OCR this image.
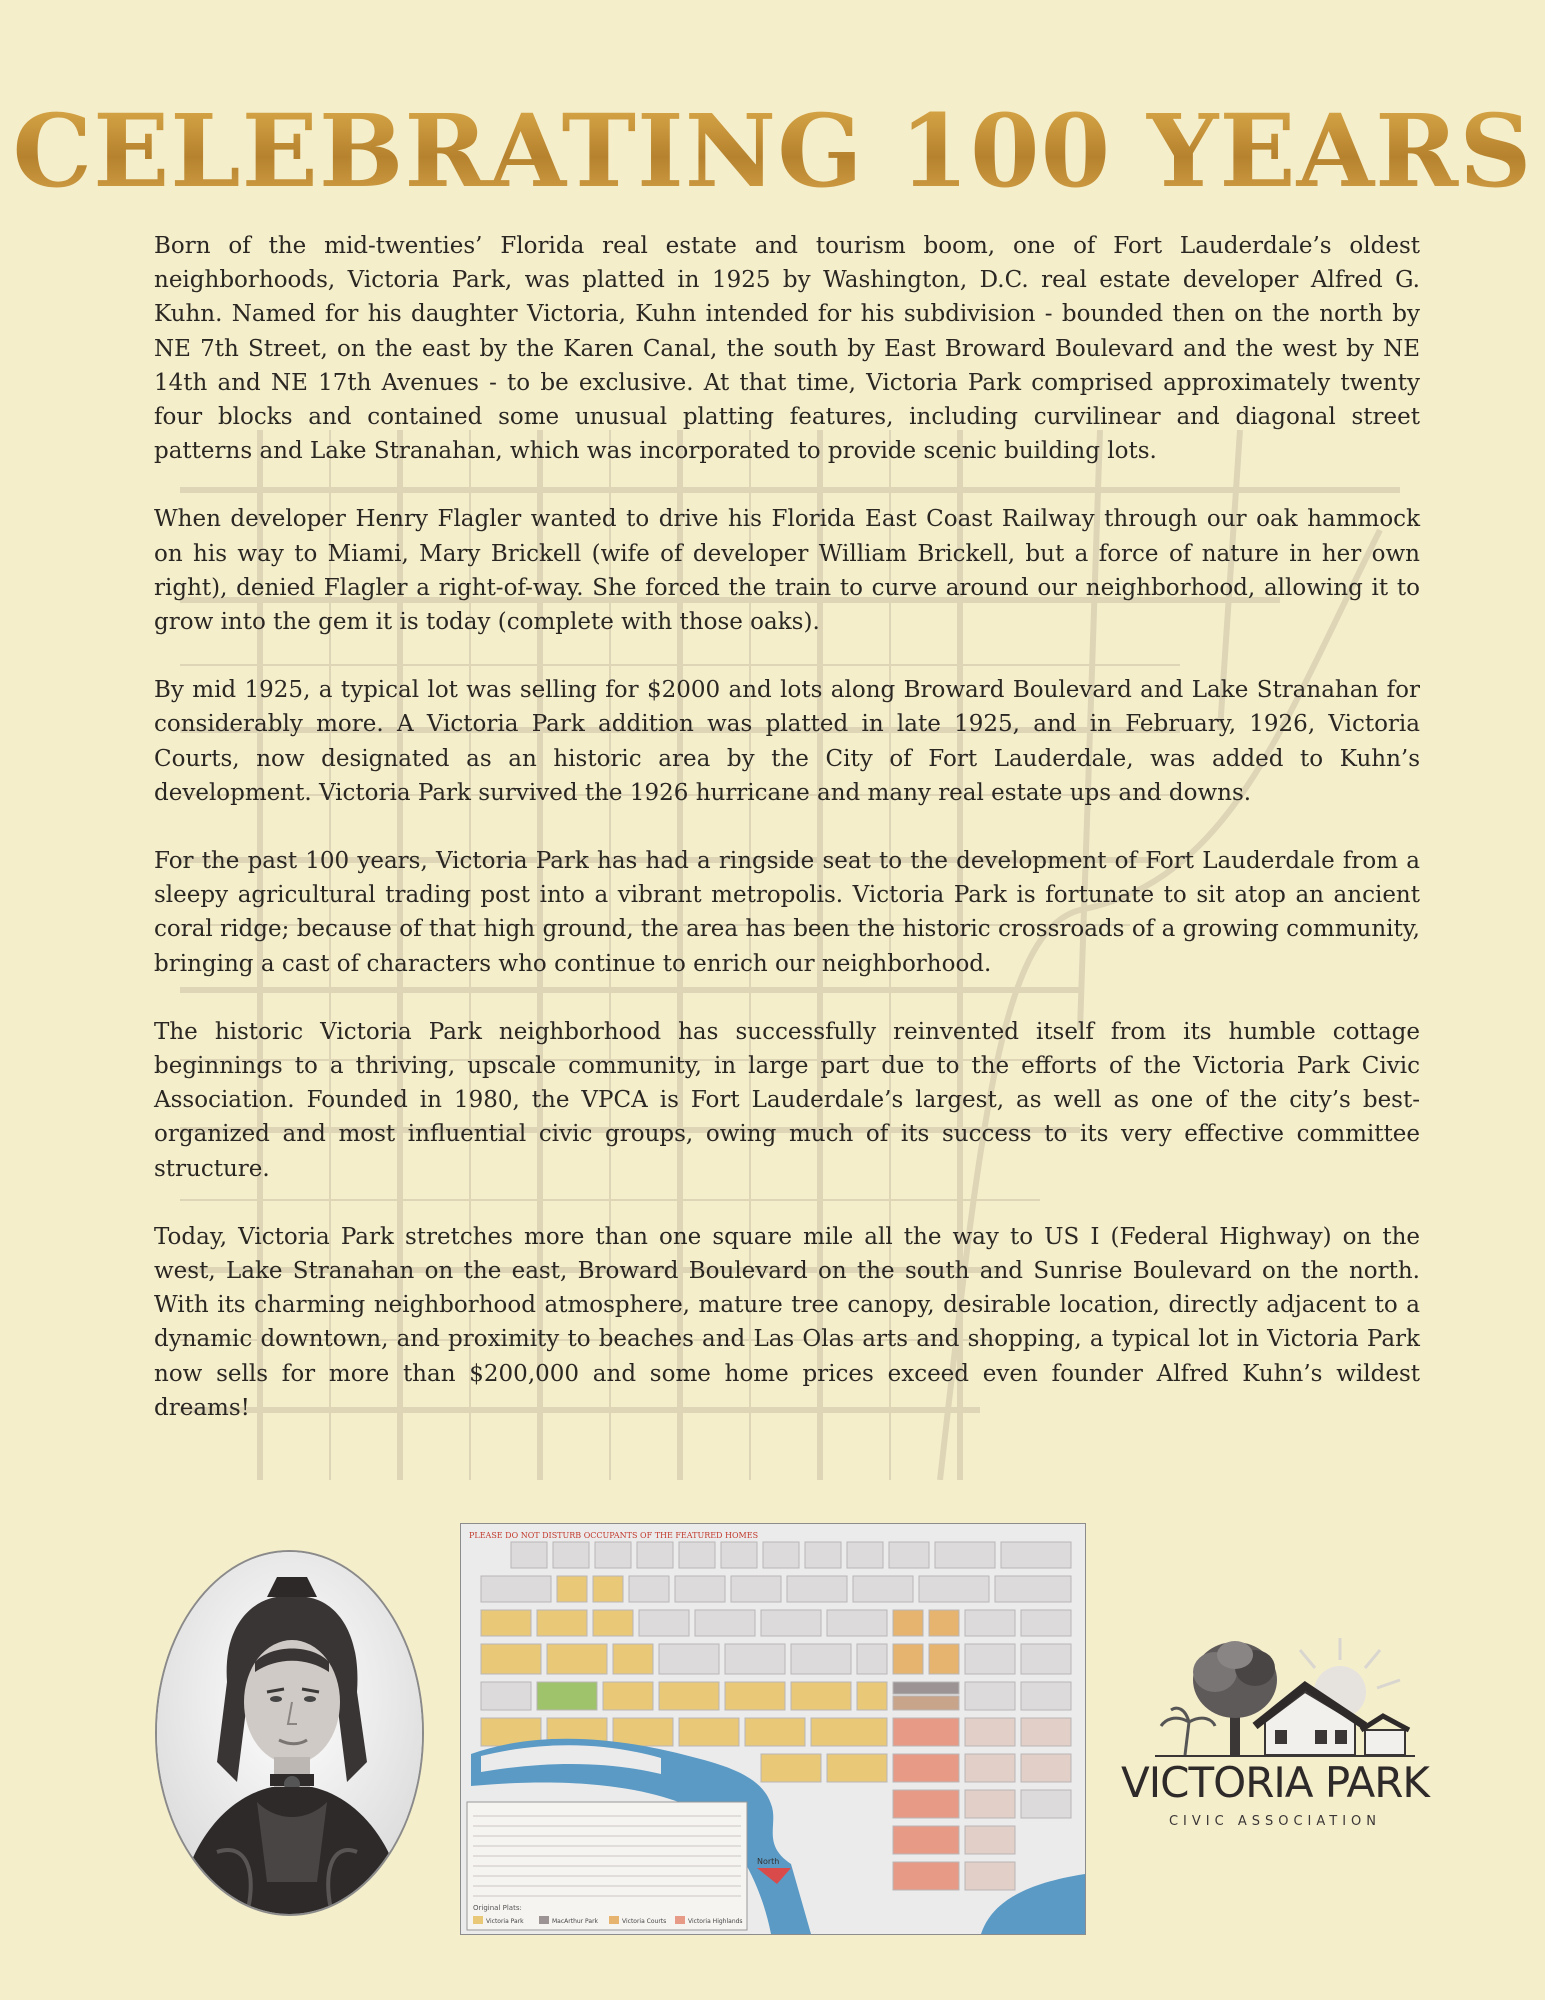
CELEBRATING 100 YEARS

Born of the mid-twenties’ Florida real estate and tourism boom, one of Fort Lauderdale’s oldest neighborhoods, Victoria Park, was platted in 1925 by Washington, D.C. real estate developer Alfred G. Kuhn. Named for his daughter Victoria, Kuhn intended for his subdivision - bounded then on the north by NE 7th Street, on the east by the Karen Canal, the south by East Broward Boulevard and the west by NE 14th and NE 17th Avenues - to be exclusive. At that time, Victoria Park comprised approximately twenty four blocks and contained some unusual platting features, including curvilinear and diagonal street patterns and Lake Stranahan, which was incorporated to provide scenic building lots.

When developer Henry Flagler wanted to drive his Florida East Coast Railway through our oak hammock on his way to Miami, Mary Brickell (wife of developer William Brickell, but a force of nature in her own right), denied Flagler a right-of-way. She forced the train to curve around our neighborhood, allowing it to grow into the gem it is today (complete with those oaks).

By mid 1925, a typical lot was selling for $2000 and lots along Broward Boulevard and Lake Stranahan for considerably more. A Victoria Park addition was platted in late 1925, and in February, 1926, Victoria Courts, now designated as an historic area by the City of Fort Lauderdale, was added to Kuhn’s development. Victoria Park survived the 1926 hurricane and many real estate ups and downs.

For the past 100 years, Victoria Park has had a ringside seat to the development of Fort Lauderdale from a sleepy agricultural trading post into a vibrant metropolis. Victoria Park is fortunate to sit atop an ancient coral ridge; because of that high ground, the area has been the historic crossroads of a growing community, bringing a cast of characters who continue to enrich our neighborhood.

The historic Victoria Park neighborhood has successfully reinvented itself from its humble cottage beginnings to a thriving, upscale community, in large part due to the efforts of the Victoria Park Civic Association. Founded in 1980, the VPCA is Fort Lauderdale’s largest, as well as one of the city’s best-organized and most influential civic groups, owing much of its success to its very effective committee structure.

Today, Victoria Park stretches more than one square mile all the way to US I (Federal Highway) on the west, Lake Stranahan on the east, Broward Boulevard on the south and Sunrise Boulevard on the north. With its charming neighborhood atmosphere, mature tree canopy, desirable location, directly adjacent to a dynamic downtown, and proximity to beaches and Las Olas arts and shopping, a typical lot in Victoria Park now sells for more than $200,000 and some home prices exceed even founder Alfred Kuhn’s wildest dreams!

PLEASE DO NOT DISTURB OCCUPANTS OF THE FEATURED HOMES
Original Plats:
Victoria Park	MacArthur Park	Victoria Courts	Victoria Highlands
North
VICTORIA PARK
CIVIC ASSOCIATION
